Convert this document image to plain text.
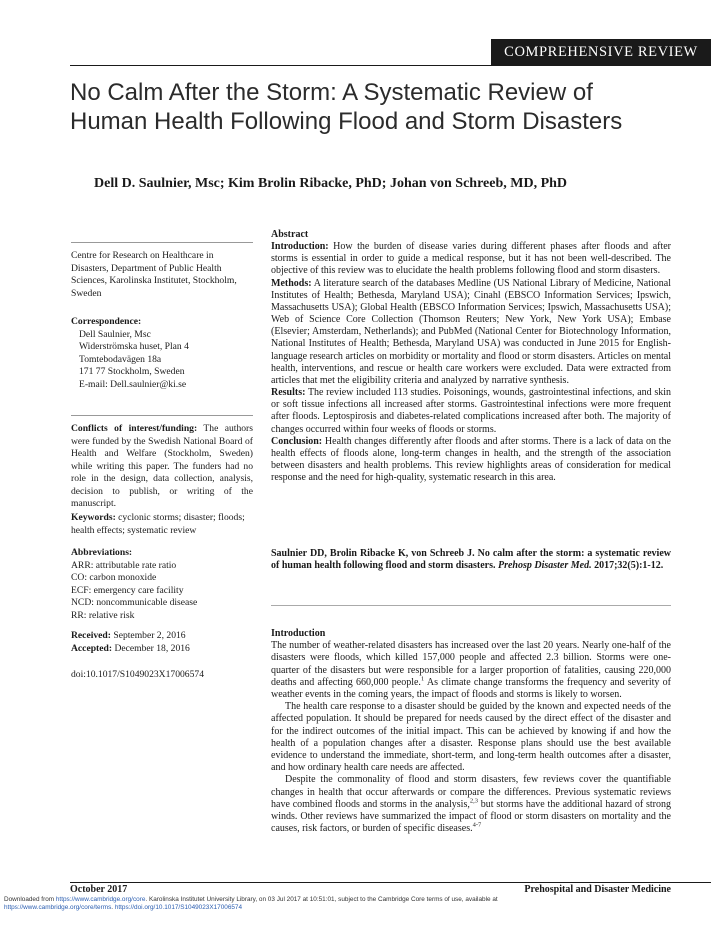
COMPREHENSIVE REVIEW
No Calm After the Storm: A Systematic Review of Human Health Following Flood and Storm Disasters
Dell D. Saulnier, Msc; Kim Brolin Ribacke, PhD; Johan von Schreeb, MD, PhD

Centre for Research on Healthcare in Disasters, Department of Public Health Sciences, Karolinska Institutet, Stockholm, Sweden

Correspondence:

Dell Saulnier, Msc

Widerströmska huset, Plan 4

Tomtebodavägen 18a

171 77 Stockholm, Sweden

E-mail: Dell.saulnier@ki.se

Conflicts of interest/funding: The authors were funded by the Swedish National Board of Health and Welfare (Stockholm, Sweden) while writing this paper. The funders had no role in the design, data collection, analysis, decision to publish, or writing of the manuscript.

Keywords: cyclonic storms; disaster; floods; health effects; systematic review

Abbreviations:

ARR: attributable rate ratio

CO: carbon monoxide

ECF: emergency care facility

NCD: noncommunicable disease

RR: relative risk

Received: September 2, 2016

Accepted: December 18, 2016

doi:10.1017/S1049023X17006574

Abstract

Introduction: How the burden of disease varies during different phases after floods and after storms is essential in order to guide a medical response, but it has not been well-described. The objective of this review was to elucidate the health problems following flood and storm disasters.

Methods: A literature search of the databases Medline (US National Library of Medicine, National Institutes of Health; Bethesda, Maryland USA); Cinahl (EBSCO Information Services; Ipswich, Massachusetts USA); Global Health (EBSCO Information Services; Ipswich, Massachusetts USA); Web of Science Core Collection (Thomson Reuters; New York, New York USA); Embase (Elsevier; Amsterdam, Netherlands); and PubMed (National Center for Biotechnology Information, National Institutes of Health; Bethesda, Maryland USA) was conducted in June 2015 for English-language research articles on morbidity or mortality and flood or storm disasters. Articles on mental health, interventions, and rescue or health care workers were excluded. Data were extracted from articles that met the eligibility criteria and analyzed by narrative synthesis.

Results: The review included 113 studies. Poisonings, wounds, gastrointestinal infections, and skin or soft tissue infections all increased after storms. Gastrointestinal infections were more frequent after floods. Leptospirosis and diabetes-related complications increased after both. The majority of changes occurred within four weeks of floods or storms.

Conclusion: Health changes differently after floods and after storms. There is a lack of data on the health effects of floods alone, long-term changes in health, and the strength of the association between disasters and health problems. This review highlights areas of consideration for medical response and the need for high-quality, systematic research in this area.

Saulnier DD, Brolin Ribacke K, von Schreeb J. No calm after the storm: a systematic review of human health following flood and storm disasters. Prehosp Disaster Med. 2017;32(5):1-12.

Introduction

The number of weather-related disasters has increased over the last 20 years. Nearly one-half of the disasters were floods, which killed 157,000 people and affected 2.3 billion. Storms were one-quarter of the disasters but were responsible for a larger proportion of fatalities, causing 220,000 deaths and affecting 660,000 people.$^1$ As climate change transforms the frequency and severity of weather events in the coming years, the impact of floods and storms is likely to worsen.

The health care response to a disaster should be guided by the known and expected needs of the affected population. It should be prepared for needs caused by the direct effect of the disaster and for the indirect outcomes of the initial impact. This can be achieved by knowing if and how the health of a population changes after a disaster. Response plans should use the best available evidence to understand the immediate, short-term, and long-term health outcomes after a disaster, and how ordinary health care needs are affected.

Despite the commonality of flood and storm disasters, few reviews cover the quantifiable changes in health that occur afterwards or compare the differences. Previous systematic reviews have combined floods and storms in the analysis,$^{2,3}$ but storms have the additional hazard of strong winds. Other reviews have summarized the impact of flood or storm disasters on mortality and the causes, risk factors, or burden of specific diseases.$^{4-7}$

October 2017	Prehospital and Disaster Medicine
Downloaded from https://www.cambridge.org/core. Karolinska Institutet University Library, on 03 Jul 2017 at 10:51:01, subject to the Cambridge Core terms of use, available at
https://www.cambridge.org/core/terms. https://doi.org/10.1017/S1049023X17006574
